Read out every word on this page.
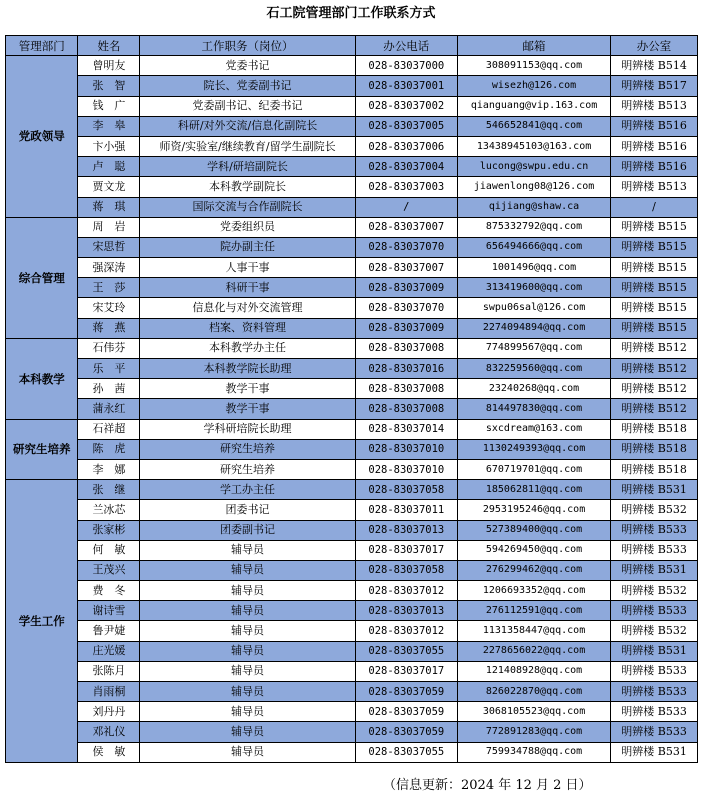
石工院管理部门工作联系方式
管理部门	姓名	工作职务（岗位）	办公电话	邮箱	办公室
党政领导	曾明友	党委书记	028-83037000	308091153@qq.com	明辨楼 B514
	张　智	院长、党委副书记	028-83037001	wisezh@126.com	明辨楼 B517
	钱　广	党委副书记、纪委书记	028-83037002	qianguang@vip.163.com	明辨楼 B513
	李　皋	科研/对外交流/信息化副院长	028-83037005	546652841@qq.com	明辨楼 B516
	卞小强	师资/实验室/继续教育/留学生副院长	028-83037006	13438945103@163.com	明辨楼 B516
	卢　聪	学科/研培副院长	028-83037004	lucong@swpu.edu.cn	明辨楼 B516
	贾文龙	本科教学副院长	028-83037003	jiawenlong08@126.com	明辨楼 B513
	蒋　琪	国际交流与合作副院长	/	qijiang@shaw.ca	/
综合管理	周　岩	党委组织员	028-83037007	875332792@qq.com	明辨楼 B515
	宋思哲	院办副主任	028-83037070	656494666@qq.com	明辨楼 B515
	强深涛	人事干事	028-83037007	1001496@qq.com	明辨楼 B515
	王　莎	科研干事	028-83037009	313419600@qq.com	明辨楼 B515
	宋艾玲	信息化与对外交流管理	028-83037070	swpu06sal@126.com	明辨楼 B515
	蒋　燕	档案、资料管理	028-83037009	2274094894@qq.com	明辨楼 B515
本科教学	石伟芬	本科教学办主任	028-83037008	774899567@qq.com	明辨楼 B512
	乐　平	本科教学院长助理	028-83037016	832259560@qq.com	明辨楼 B512
	孙　茜	教学干事	028-83037008	23240268@qq.com	明辨楼 B512
	蒲永红	教学干事	028-83037008	814497830@qq.com	明辨楼 B512
研究生培养	石祥超	学科研培院长助理	028-83037014	sxcdream@163.com	明辨楼 B518
	陈　虎	研究生培养	028-83037010	1130249393@qq.com	明辨楼 B518
	李　娜	研究生培养	028-83037010	670719701@qq.com	明辨楼 B518
学生工作	张　继	学工办主任	028-83037058	185062811@qq.com	明辨楼 B531
	兰冰芯	团委书记	028-83037011	2953195246@qq.com	明辨楼 B532
	张家彬	团委副书记	028-83037013	527389400@qq.com	明辨楼 B533
	何　敏	辅导员	028-83037017	594269450@qq.com	明辨楼 B533
	王茂兴	辅导员	028-83037058	276299462@qq.com	明辨楼 B531
	费　冬	辅导员	028-83037012	1206693352@qq.com	明辨楼 B532
	谢诗雪	辅导员	028-83037013	276112591@qq.com	明辨楼 B533
	鲁尹婕	辅导员	028-83037012	1131358447@qq.com	明辨楼 B532
	庄光媛	辅导员	028-83037055	2278656022@qq.com	明辨楼 B531
	张陈月	辅导员	028-83037017	121408928@qq.com	明辨楼 B533
	肖雨桐	辅导员	028-83037059	826022870@qq.com	明辨楼 B533
	刘丹丹	辅导员	028-83037059	3068105523@qq.com	明辨楼 B533
	邓礼仪	辅导员	028-83037059	772891283@qq.com	明辨楼 B533
	侯　敏	辅导员	028-83037055	759934788@qq.com	明辨楼 B531
（信息更新：2024 年 12 月 2 日）
